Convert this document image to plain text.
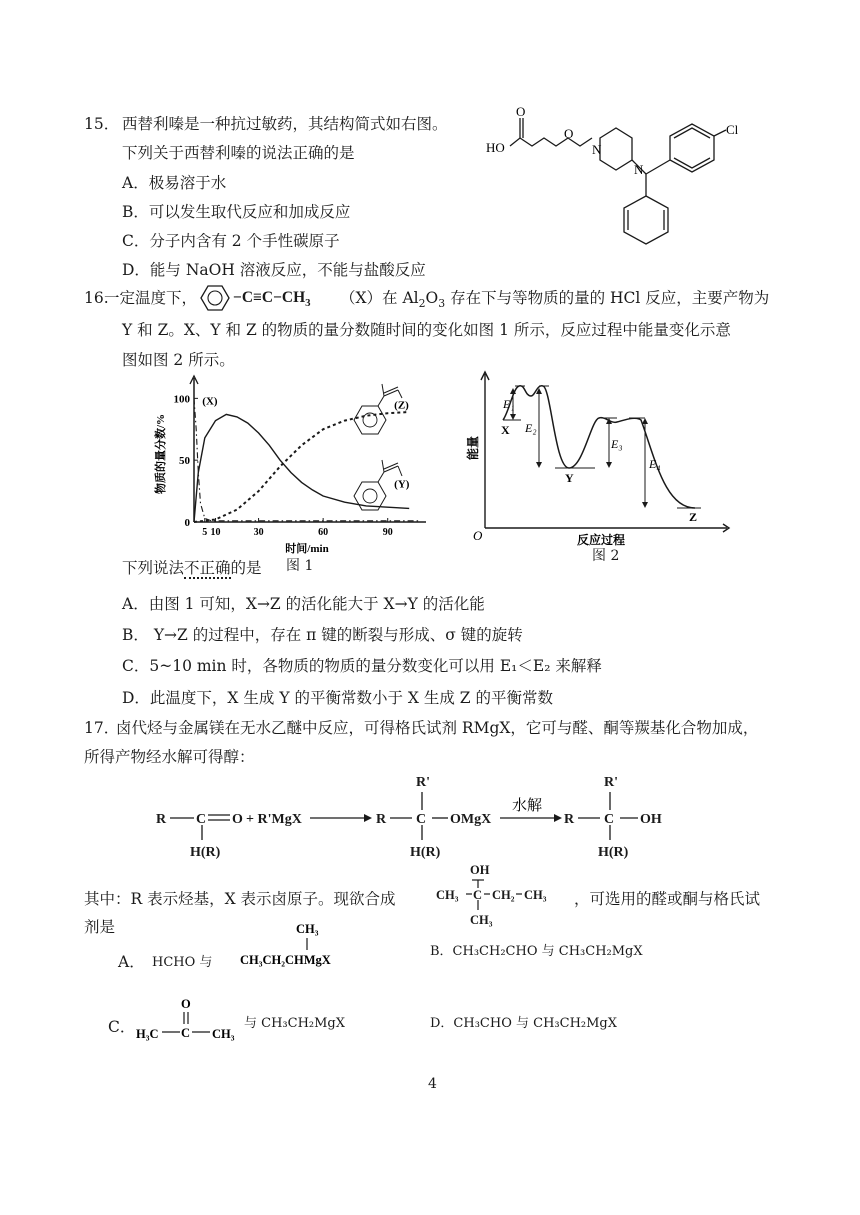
15． 西替利嗪是一种抗过敏药，其结构简式如右图。
下列关于西替利嗪的说法正确的是
A．极易溶于水
B．可以发生取代反应和加成反应
C．分子内含有 2 个手性碳原子
D．能与 NaOH 溶液反应，不能与盐酸反应
HO
O
O
N
N
Cl
16.
一定温度下， $-C\equiv C-CH_3$ （X）在 $Al_2O_3$ 存在下与等物质的量的 HCl 反应，主要产物为
Y 和 Z。X、Y 和 Z 的物质的量分数随时间的变化如图 1 所示，反应过程中能量变化示意
图如图 2 所示。
5 10	30	60	90
0
50
100
时间/min
物质的量分数/%
(X)
(Y)
(Z)
O
能量
反应过程
X
Y
Z
E₁
E₂
E₃
E₄
下列说法不正确的是 图 1
图 2
A．由图 1 可知，X→Z 的活化能大于 X→Y 的活化能
B． Y→Z 的过程中，存在 π 键的断裂与形成、σ 键的旋转
C．5~10 min 时，各物质的物质的量分数变化可以用 E₁＜E₂ 来解释
D．此温度下，X 生成 Y 的平衡常数小于 X 生成 Z 的平衡常数
17．
卤代烃与金属镁在无水乙醚中反应，可得格氏试剂 RMgX，它可与醛、酮等羰基化合物加成，
所得产物经水解可得醇：
R C O + R'MgX
H(R)
R
R'
C OMgX
H(R)
R
R'
C OH
H(R)
水解
其中：R 表示烃基，X 表示卤原子。现欲合成
OH
CH₃ C CH₂ CH₃
CH₃
，可选用的醛或酮与格氏试
剂是
A． HCHO 与
CH₃
CH₃CH₂CHMgX
B．CH₃CH₂CHO 与 CH₃CH₂MgX
C．
O
H₃C C CH₃
与 CH₃CH₂MgX	D．CH₃CHO 与 CH₃CH₂MgX
4
